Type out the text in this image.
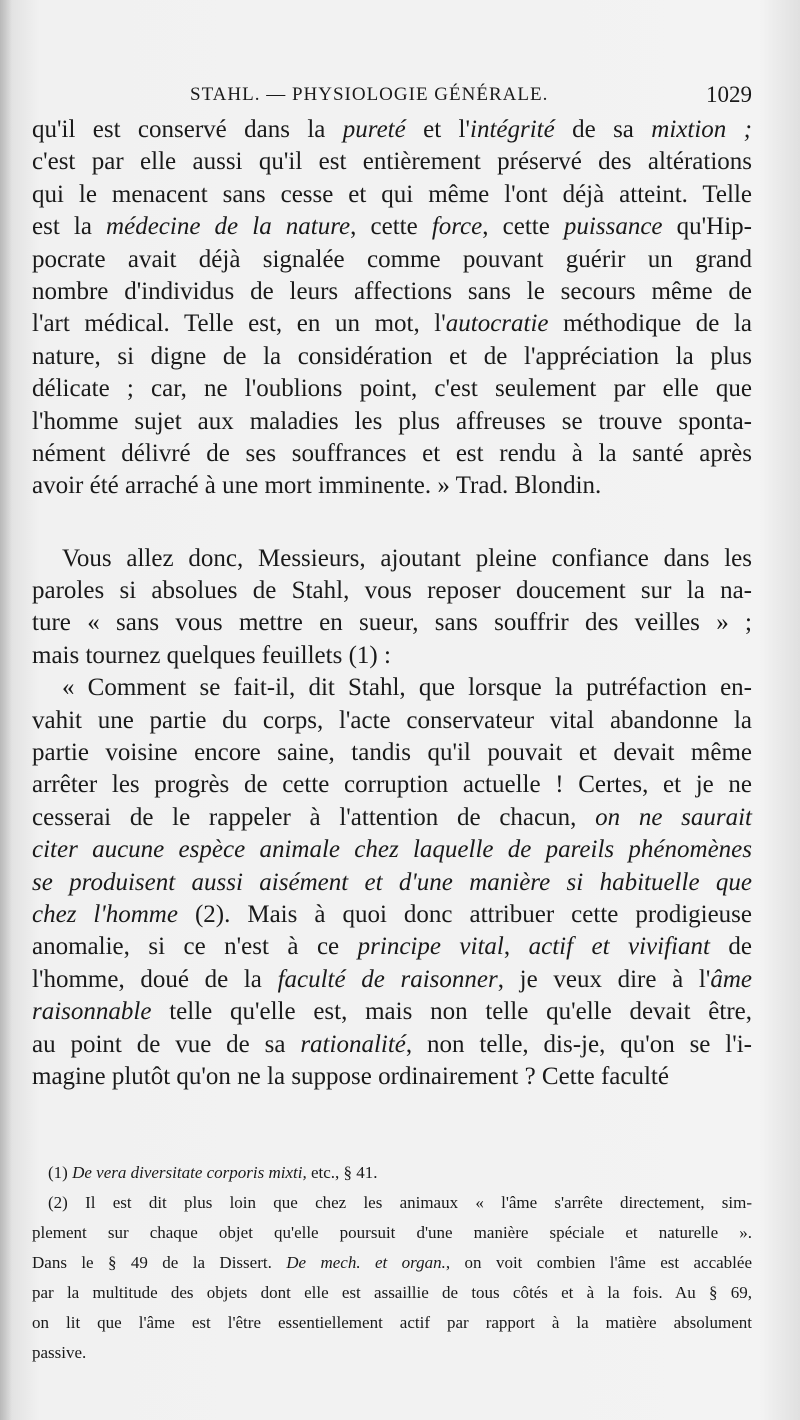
STAHL. — PHYSIOLOGIE GÉNÉRALE.	1029

qu'il est conservé dans la pureté et l'intégrité de sa mixtion ;
c'est par elle aussi qu'il est entièrement préservé des altérations
qui le menacent sans cesse et qui même l'ont déjà atteint. Telle
est la médecine de la nature, cette force, cette puissance qu'Hip-
pocrate avait déjà signalée comme pouvant guérir un grand
nombre d'individus de leurs affections sans le secours même de
l'art médical. Telle est, en un mot, l'autocratie méthodique de la
nature, si digne de la considération et de l'appréciation la plus
délicate ; car, ne l'oublions point, c'est seulement par elle que
l'homme sujet aux maladies les plus affreuses se trouve sponta-
nément délivré de ses souffrances et est rendu à la santé après
avoir été arraché à une mort imminente. » Trad. Blondin.

Vous allez donc, Messieurs, ajoutant pleine confiance dans les
paroles si absolues de Stahl, vous reposer doucement sur la na-
ture « sans vous mettre en sueur, sans souffrir des veilles » ;
mais tournez quelques feuillets (1) :

« Comment se fait-il, dit Stahl, que lorsque la putréfaction en-
vahit une partie du corps, l'acte conservateur vital abandonne la
partie voisine encore saine, tandis qu'il pouvait et devait même
arrêter les progrès de cette corruption actuelle ! Certes, et je ne
cesserai de le rappeler à l'attention de chacun, on ne saurait
citer aucune espèce animale chez laquelle de pareils phénomènes
se produisent aussi aisément et d'une manière si habituelle que
chez l'homme (2). Mais à quoi donc attribuer cette prodigieuse
anomalie, si ce n'est à ce principe vital, actif et vivifiant de
l'homme, doué de la faculté de raisonner, je veux dire à l'âme
raisonnable telle qu'elle est, mais non telle qu'elle devait être,
au point de vue de sa rationalité, non telle, dis-je, qu'on se l'i-
magine plutôt qu'on ne la suppose ordinairement ? Cette faculté

(1) De vera diversitate corporis mixti, etc., § 41.
(2) Il est dit plus loin que chez les animaux « l'âme s'arrête directement, sim-
plement sur chaque objet qu'elle poursuit d'une manière spéciale et naturelle ».
Dans le § 49 de la Dissert. De mech. et organ., on voit combien l'âme est accablée
par la multitude des objets dont elle est assaillie de tous côtés et à la fois. Au § 69,
on lit que l'âme est l'être essentiellement actif par rapport à la matière absolument
passive.
